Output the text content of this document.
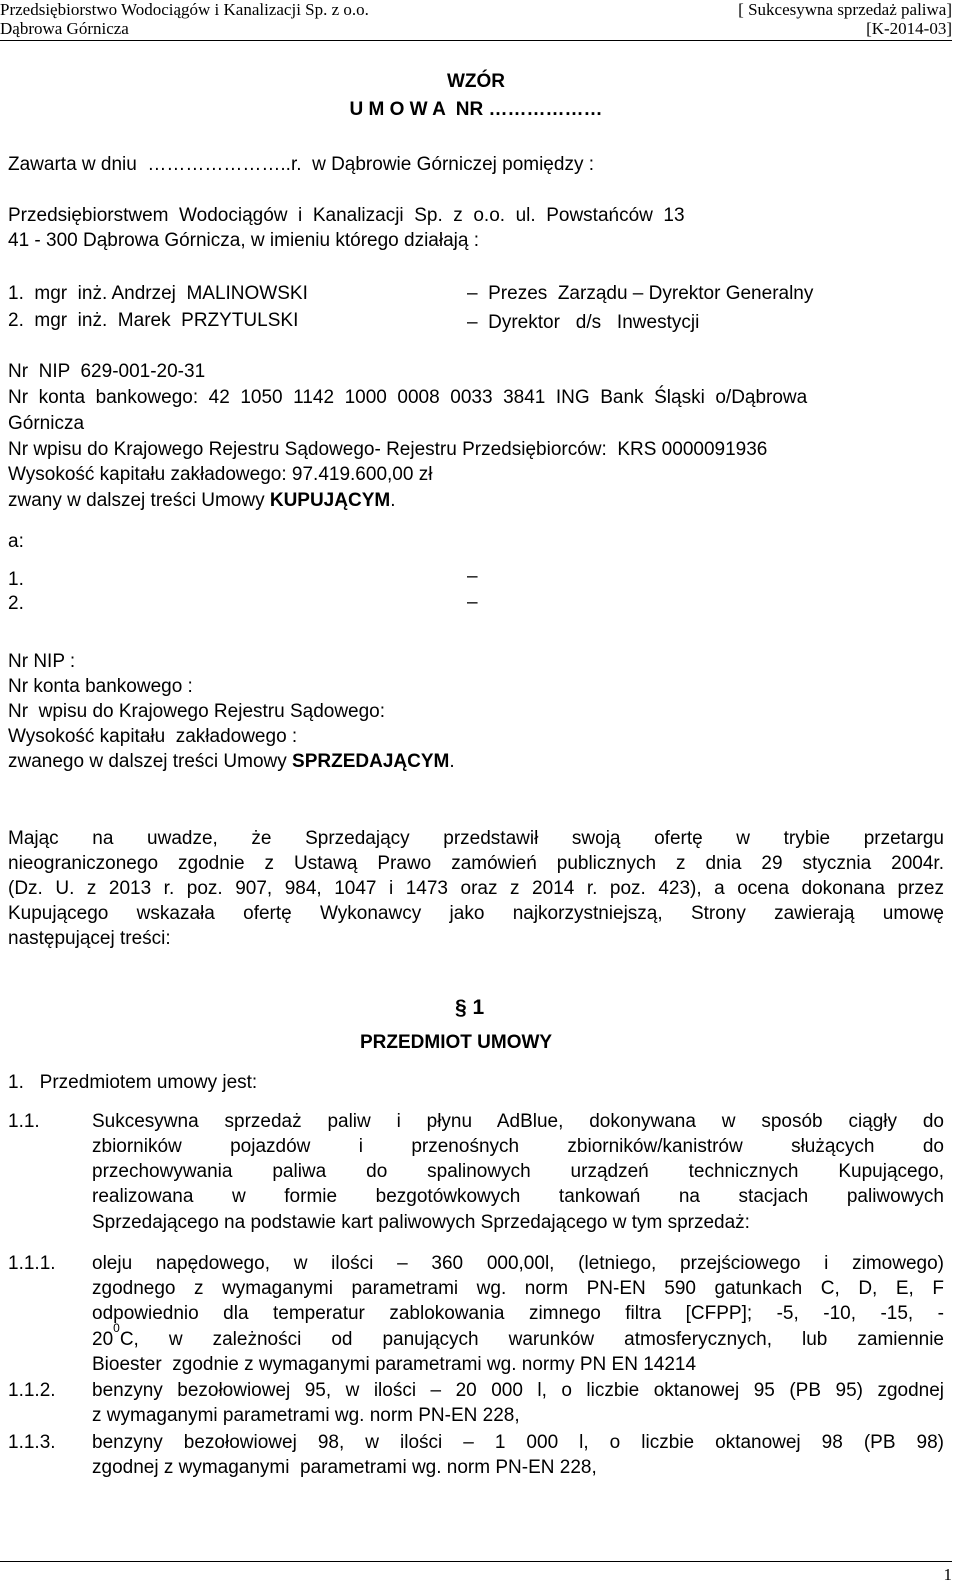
Przedsiębiorstwo Wodociągów i Kanalizacji Sp. z o.o.	[ Sukcesywna sprzedaż paliwa]
Dąbrowa Górnicza	[K-2014-03]
WZÓR
U M O W A  NR ………………
Zawarta w dniu  …………………..r.  w Dąbrowie Górniczej pomiędzy :
Przedsiębiorstwem  Wodociągów  i  Kanalizacji  Sp.  z  o.o.  ul.  Powstańców  13
41 - 300 Dąbrowa Górnicza, w imieniu którego działają :
1.  mgr  inż. Andrzej  MALINOWSKI	–  Prezes  Zarządu – Dyrektor Generalny
2.  mgr  inż.  Marek  PRZYTULSKI	–  Dyrektor   d/s   Inwestycji
Nr  NIP  629-001-20-31
Nr  konta  bankowego:  42  1050  1142  1000  0008  0033  3841  ING  Bank  Śląski  o/Dąbrowa
Górnicza
Nr wpisu do Krajowego Rejestru Sądowego- Rejestru Przedsiębiorców:  KRS 0000091936
Wysokość kapitału zakładowego: 97.419.600,00 zł
zwany w dalszej treści Umowy KUPUJĄCYM.
a:
1.	–
2.	–
Nr NIP :
Nr konta bankowego :
Nr  wpisu do Krajowego Rejestru Sądowego:
Wysokość kapitału  zakładowego :
zwanego w dalszej treści Umowy SPRZEDAJĄCYM.
Mając na uwadze, że Sprzedający przedstawił swoją ofertę w trybie przetargu
nieograniczonego zgodnie z Ustawą Prawo zamówień publicznych z dnia 29 stycznia 2004r.
(Dz. U. z 2013 r. poz. 907, 984, 1047 i 1473 oraz z 2014 r. poz. 423), a ocena dokonana przez
Kupującego wskazała ofertę Wykonawcy jako najkorzystniejszą, Strony zawierają umowę
następującej treści:
§ 1
PRZEDMIOT UMOWY
1.   Przedmiotem umowy jest:
1.1.	Sukcesywna sprzedaż paliw i płynu AdBlue, dokonywana w sposób ciągły do
zbiorników pojazdów i przenośnych zbiorników/kanistrów służących do
przechowywania paliwa do spalinowych urządzeń technicznych Kupującego,
realizowana w formie bezgotówkowych tankowań na stacjach paliwowych
Sprzedającego na podstawie kart paliwowych Sprzedającego w tym sprzedaż:
1.1.1. oleju napędowego, w ilości – 360 000,00l, (letniego, przejściowego i zimowego)
zgodnego z wymaganymi parametrami wg. norm PN-EN 590 gatunkach C, D, E, F
odpowiednio dla temperatur zablokowania zimnego filtra [CFPP]; -5, -10, -15, -
20
0
C, w zależności od panujących warunków atmosferycznych, lub zamiennie
Bioester  zgodnie z wymaganymi parametrami wg. normy PN EN 14214
1.1.2. benzyny bezołowiowej 95, w ilości – 20 000 l, o liczbie oktanowej 95 (PB 95) zgodnej
z wymaganymi parametrami wg. norm PN-EN 228,
1.1.3. benzyny bezołowiowej 98, w ilości – 1 000 l, o liczbie oktanowej 98 (PB 98)
zgodnej z wymaganymi  parametrami wg. norm PN-EN 228,
1
